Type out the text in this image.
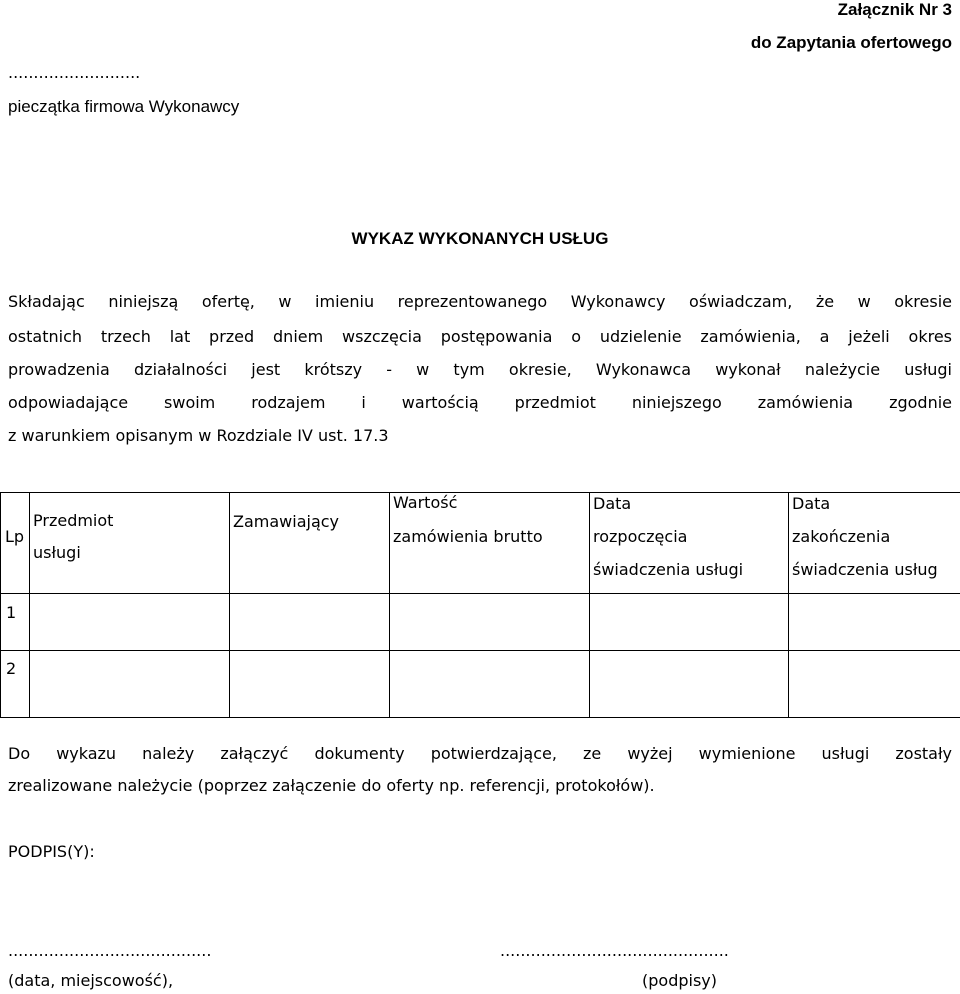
Załącznik Nr 3
do Zapytania ofertowego
..........................
pieczątka firmowa Wykonawcy
WYKAZ WYKONANYCH USŁUG
Składając niniejszą ofertę, w imieniu reprezentowanego Wykonawcy oświadczam, że w okresie
ostatnich trzech lat przed dniem wszczęcia postępowania o udzielenie zamówienia, a jeżeli okres
prowadzenia działalności jest krótszy - w tym okresie, Wykonawca wykonał należycie usługi
odpowiadające swoim rodzajem i wartością przedmiot niniejszego zamówienia zgodnie
z warunkiem opisanym w Rozdziale IV ust. 17.3
Lp
Przedmiot
usługi
Zamawiający
Wartość
zamówienia brutto
Data
rozpoczęcia
świadczenia usługi
Data
zakończenia
świadczenia usług
1
2
Do wykazu należy załączyć dokumenty potwierdzające, ze wyżej wymienione usługi zostały
zrealizowane należycie (poprzez załączenie do oferty np. referencji, protokołów).
PODPIS(Y):
........................................	.............................................
(data, miejscowość),	(podpisy)
